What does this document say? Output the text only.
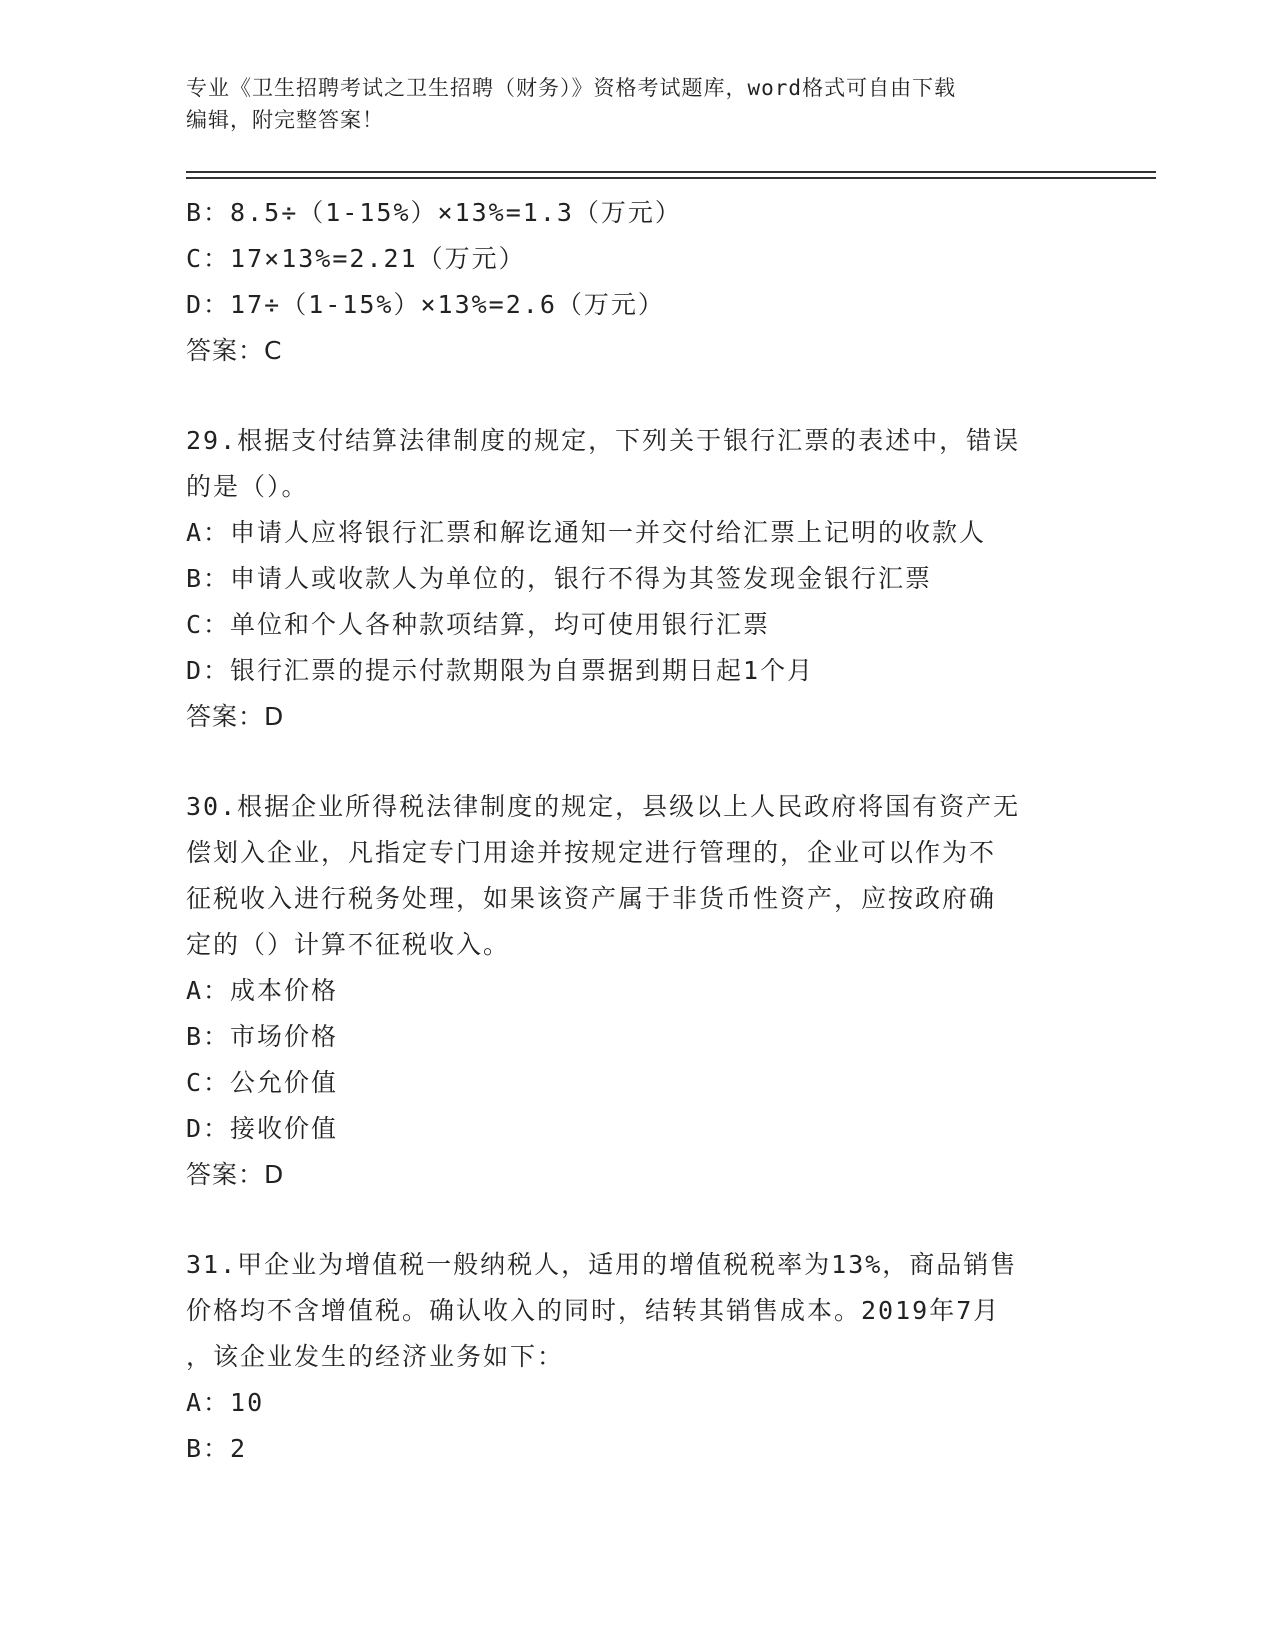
专业《卫生招聘考试之卫生招聘（财务）》资格考试题库，word格式可自由下载
编辑，附完整答案！
B：8.5÷（1-15%）×13%=1.3（万元）
C：17×13%=2.21（万元）
D：17÷（1-15%）×13%=2.6（万元）
答案：C
29.根据支付结算法律制度的规定，下列关于银行汇票的表述中，错误
的是（）。
A：申请人应将银行汇票和解讫通知一并交付给汇票上记明的收款人
B：申请人或收款人为单位的，银行不得为其签发现金银行汇票
C：单位和个人各种款项结算，均可使用银行汇票
D：银行汇票的提示付款期限为自票据到期日起1个月
答案：D
30.根据企业所得税法律制度的规定，县级以上人民政府将国有资产无
偿划入企业，凡指定专门用途并按规定进行管理的，企业可以作为不
征税收入进行税务处理，如果该资产属于非货币性资产，应按政府确
定的（）计算不征税收入。
A：成本价格
B：市场价格
C：公允价值
D：接收价值
答案：D
31.甲企业为增值税一般纳税人，适用的增值税税率为13%，商品销售
价格均不含增值税。确认收入的同时，结转其销售成本。2019年7月
，该企业发生的经济业务如下：
A：10
B：2
